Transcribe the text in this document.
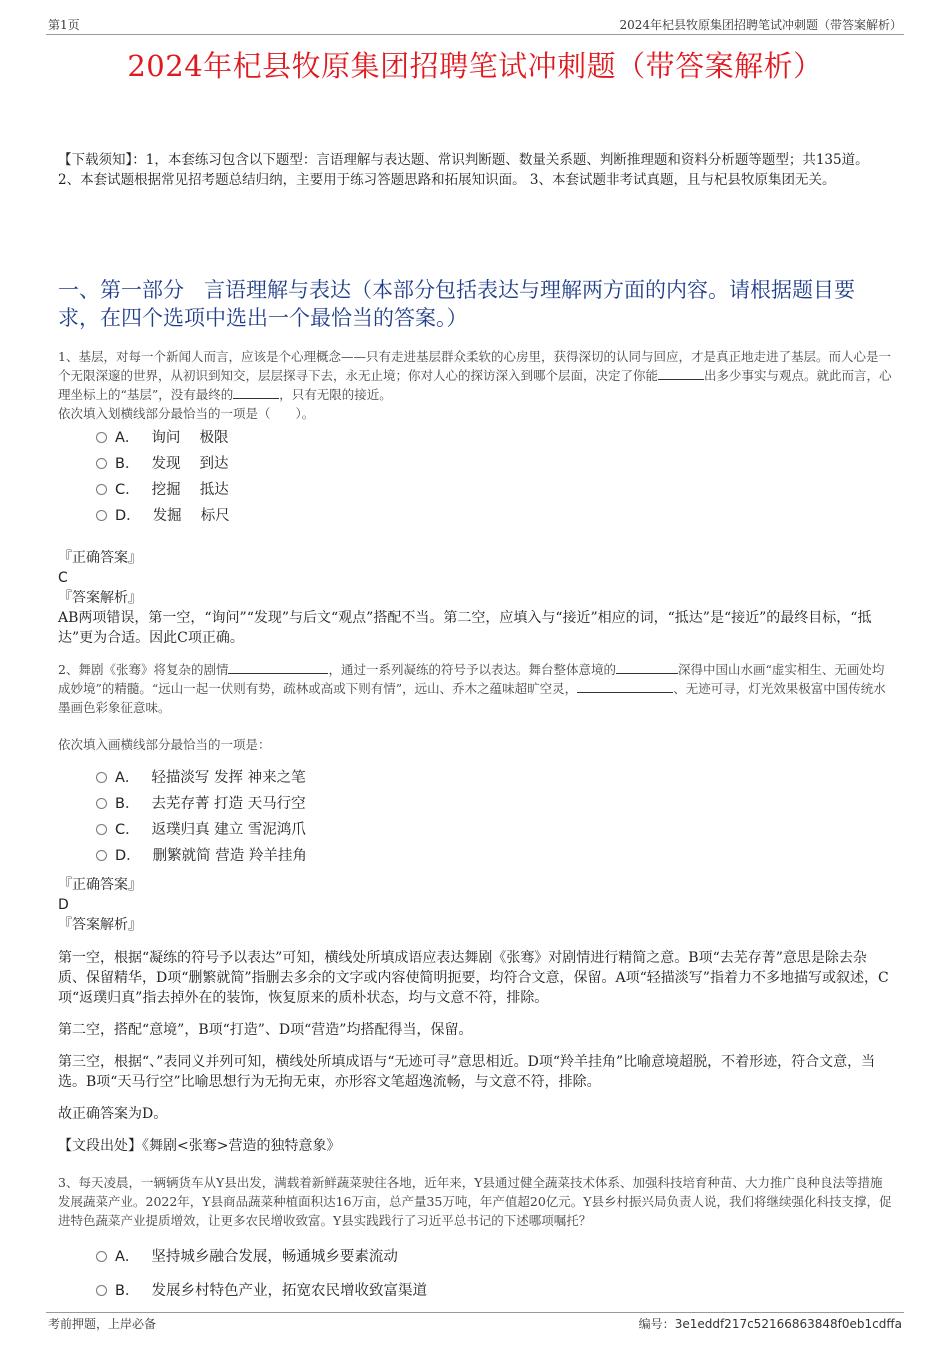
第1页	2024年杞县牧原集团招聘笔试冲刺题（带答案解析）
2024年杞县牧原集团招聘笔试冲刺题（带答案解析）
【下载须知】：1，本套练习包含以下题型：言语理解与表达题、常识判断题、数量关系题、判断推理题和资料分析题等题型；共135道。 2、本套试题根据常见招考题总结归纳，主要用于练习答题思路和拓展知识面。 3、本套试题非考试真题，且与杞县牧原集团无关。
一、第一部分 言语理解与表达（本部分包括表达与理解两方面的内容。请根据题目要求，在四个选项中选出一个最恰当的答案。）
1、基层，对每一个新闻人而言，应该是个心理概念——只有走进基层群众柔软的心房里，获得深切的认同与回应，才是真正地走进了基层。而人心是一个无限深邃的世界，从初识到知交，层层探寻下去，永无止境；你对人心的探访深入到哪个层面，决定了你能	出多少事实与观点。就此而言，心理坐标上的“基层”，没有最终的	，只有无限的接近。
依次填入划横线部分最恰当的一项是（　　）。
A． 询问　 极限
B． 发现　 到达
C． 挖掘　 抵达
D． 发掘　 标尺
『正确答案』
C
『答案解析』
AB两项错误，第一空，“询问”“发现”与后文“观点”搭配不当。第二空，应填入与“接近”相应的词，“抵达”是“接近”的最终目标，“抵达”更为合适。因此C项正确。
2、舞剧《张骞》将复杂的剧情	，通过一系列凝练的符号予以表达。舞台整体意境的	深得中国山水画“虚实相生、无画处均成妙境”的精髓。“远山一起一伏则有势，疏林或高或下则有情”，远山、乔木之蕴味超旷空灵，	、无迹可寻，灯光效果极富中国传统水墨画色彩象征意味。
依次填入画横线部分最恰当的一项是：
A． 轻描淡写 发挥 神来之笔
B． 去芜存菁 打造 天马行空
C． 返璞归真 建立 雪泥鸿爪
D． 删繁就简 营造 羚羊挂角
『正确答案』
D
『答案解析』

第一空，根据“凝练的符号予以表达”可知，横线处所填成语应表达舞剧《张骞》对剧情进行精简之意。B项“去芜存菁”意思是除去杂质、保留精华，D项“删繁就简”指删去多余的文字或内容使简明扼要，均符合文意，保留。A项“轻描淡写”指着力不多地描写或叙述，C项“返璞归真”指去掉外在的装饰，恢复原来的质朴状态，均与文意不符，排除。

第二空，搭配“意境”，B项“打造”、D项“营造”均搭配得当，保留。

第三空，根据“、”表同义并列可知，横线处所填成语与“无迹可寻”意思相近。D项“羚羊挂角”比喻意境超脱，不着形迹，符合文意，当选。B项“天马行空”比喻思想行为无拘无束，亦形容文笔超逸流畅，与文意不符，排除。

故正确答案为D。

【文段出处】《舞剧<张骞>营造的独特意象》

3、每天凌晨，一辆辆货车从Y县出发，满载着新鲜蔬菜驶往各地，近年来，Y县通过健全蔬菜技术体系、加强科技培育种苗、大力推广良种良法等措施发展蔬菜产业。2022年，Y县商品蔬菜种植面积达16万亩，总产量35万吨，年产值超20亿元。Y县乡村振兴局负责人说，我们将继续强化科技支撑，促进特色蔬菜产业提质增效，让更多农民增收致富。Y县实践践行了习近平总书记的下述哪项嘱托？
A． 坚持城乡融合发展，畅通城乡要素流动
B． 发展乡村特色产业，拓宽农民增收致富渠道
考前押题，上岸必备	编号：3e1eddf217c52166863848f0eb1cdffa
